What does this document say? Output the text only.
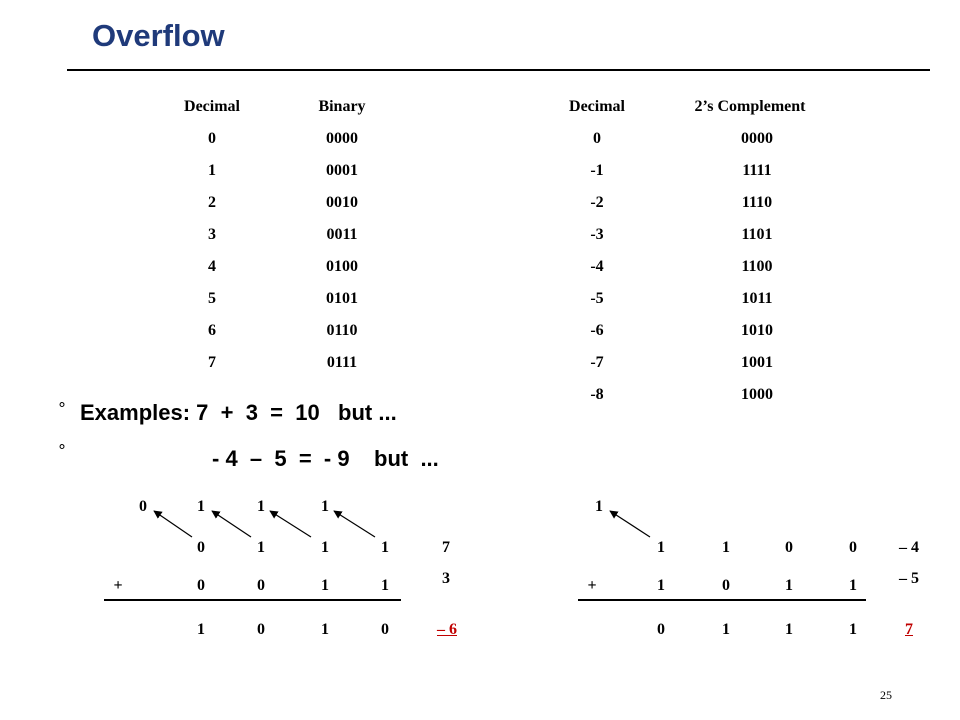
Overflow
Decimal	Binary
0	0000
1	0001
2	0010
3	0011
4	0100
5	0101
6	0110
7	0111
Decimal	2’s Complement
0	0000
-1	1111
-2	1110
-3	1101
-4	1100
-5	1011
-6	1010
-7	1001
-8	1000
° Examples: 7  +  3  =  10   but ...
°	- 4  –  5  =  - 9    but  ...
0	1	1	1
0	1	1	1	7
+	0	0	1	1	3
1	0	1	0	– 6
1
1	1	0	0	– 4
+	1	0	1	1	– 5
0	1	1	1	7
25
